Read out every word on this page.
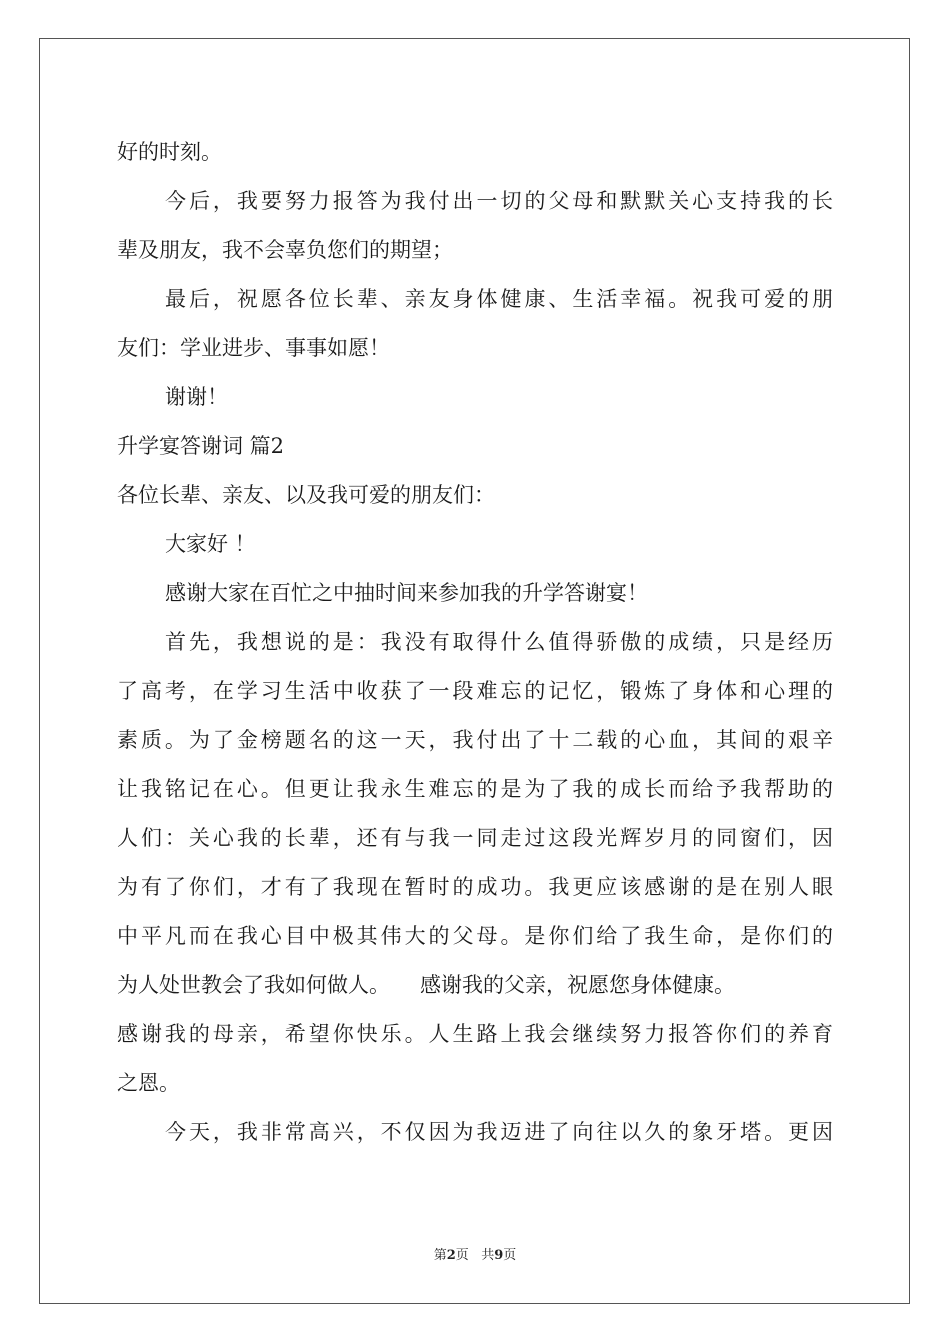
好的时刻。
今后，我要努力报答为我付出一切的父母和默默关心支持我的长
辈及朋友，我不会辜负您们的期望；
最后，祝愿各位长辈、亲友身体健康、生活幸福。祝我可爱的朋
友们：学业进步、事事如愿！
谢谢！
升学宴答谢词 篇2
各位长辈、亲友、以及我可爱的朋友们：
大家好 ！
感谢大家在百忙之中抽时间来参加我的升学答谢宴！
首先，我想说的是：我没有取得什么值得骄傲的成绩，只是经历
了高考，在学习生活中收获了一段难忘的记忆，锻炼了身体和心理的
素质。为了金榜题名的这一天，我付出了十二载的心血，其间的艰辛
让我铭记在心。但更让我永生难忘的是为了我的成长而给予我帮助的
人们：关心我的长辈，还有与我一同走过这段光辉岁月的同窗们，因
为有了你们，才有了我现在暂时的成功。我更应该感谢的是在别人眼
中平凡而在我心目中极其伟大的父母。是你们给了我生命，是你们的
为人处世教会了我如何做人。 感谢我的父亲，祝愿您身体健康。
感谢我的母亲，希望你快乐。人生路上我会继续努力报答你们的养育
之恩。
今天，我非常高兴，不仅因为我迈进了向往以久的象牙塔。更因
第2页 共9页
